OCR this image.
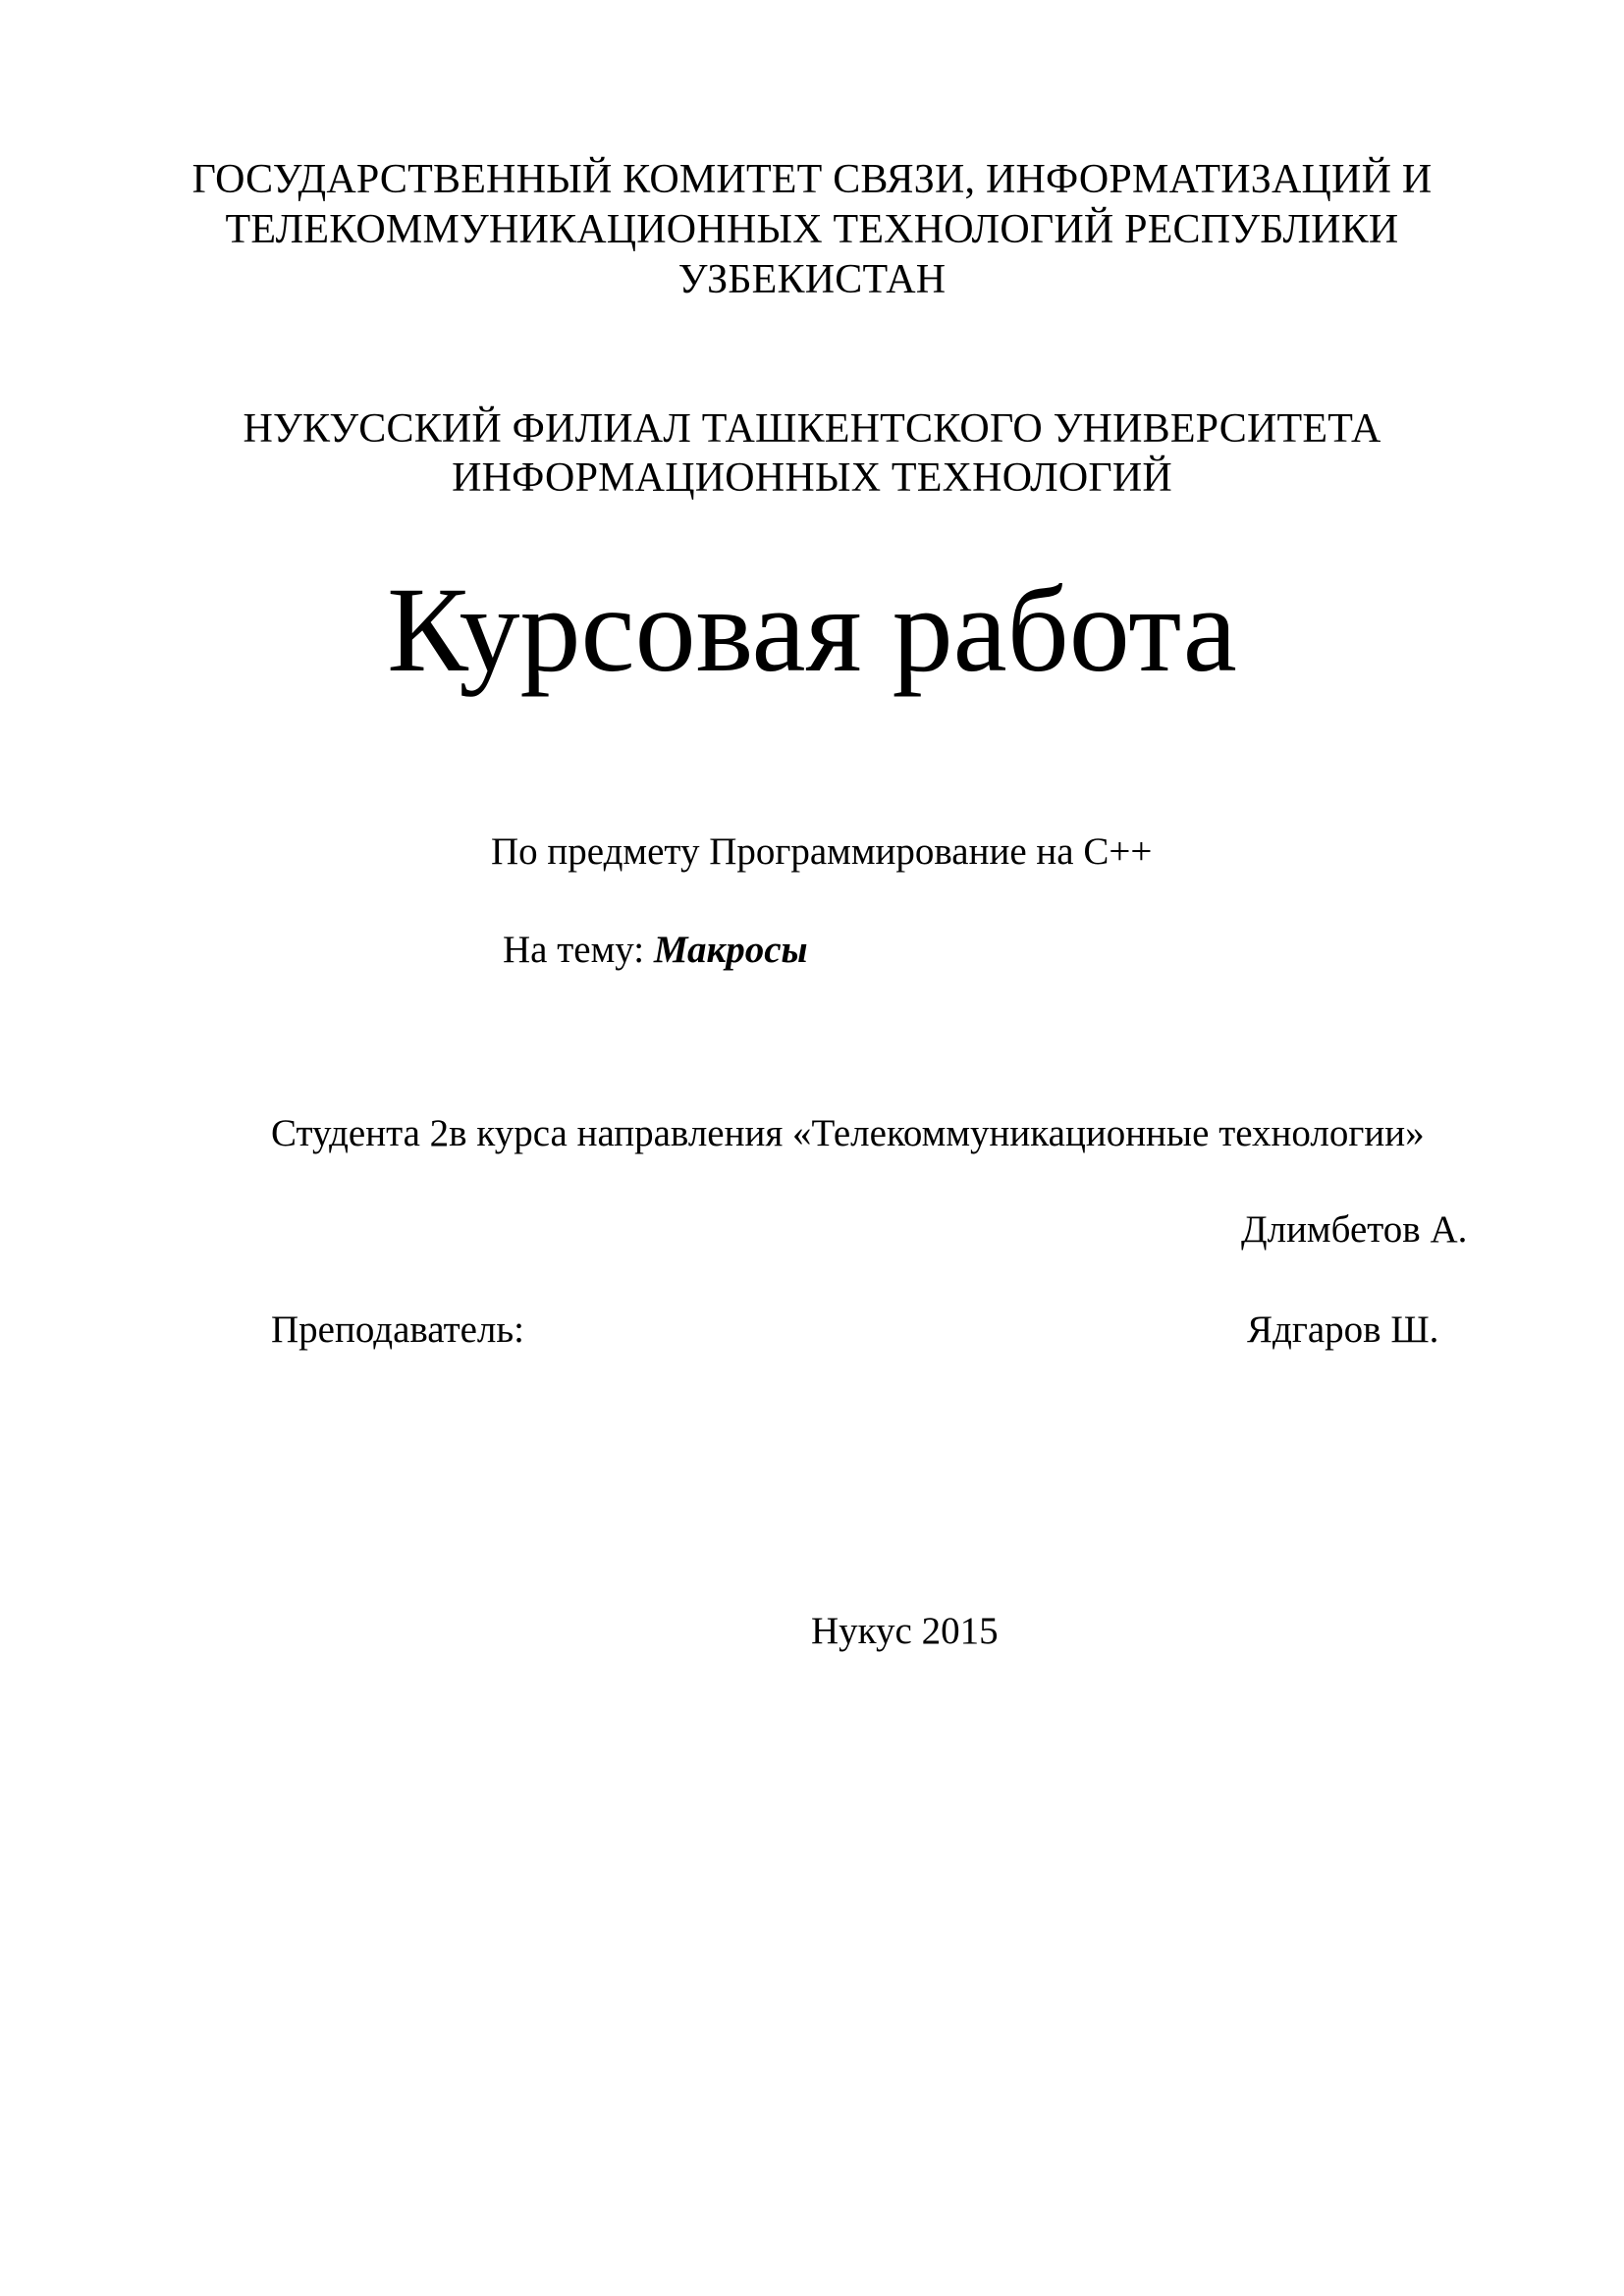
ГОСУДАРСТВЕННЫЙ КОМИТЕТ СВЯЗИ, ИНФОРМАТИЗАЦИЙ И
ТЕЛЕКОММУНИКАЦИОННЫХ ТЕХНОЛОГИЙ РЕСПУБЛИКИ
УЗБЕКИСТАН
НУКУССКИЙ ФИЛИАЛ ТАШКЕНТСКОГО УНИВЕРСИТЕТА
ИНФОРМАЦИОННЫХ ТЕХНОЛОГИЙ
Курсовая работа
По предмету Программирование на C++
На тему: Макросы
Студента 2в курса направления «Телекоммуникационные технологии»
Длимбетов А.
Преподаватель:	Ядгаров Ш.
Нукус 2015
